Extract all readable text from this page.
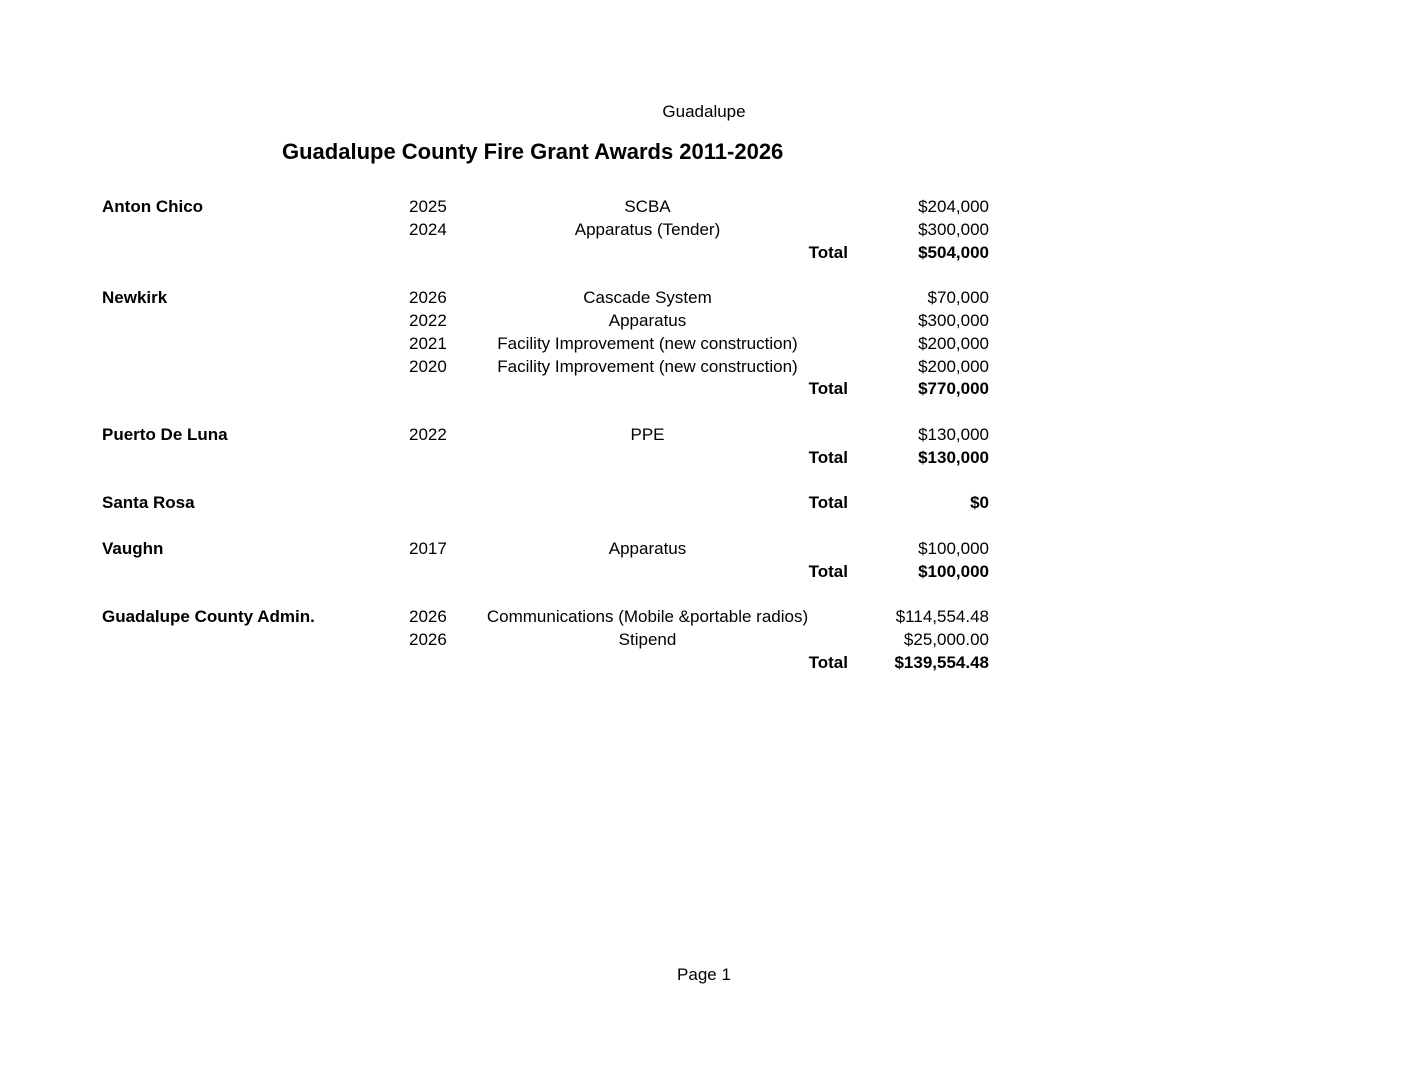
Guadalupe
Guadalupe County Fire Grant Awards 2011-2026
Anton Chico	2025	SCBA	$204,000
2024	Apparatus (Tender)	$300,000
Total	$504,000
Newkirk	2026	Cascade System	$70,000
2022	Apparatus	$300,000
2021	Facility Improvement (new construction)	$200,000
2020	Facility Improvement (new construction)	$200,000
Total	$770,000
Puerto De Luna	2022	PPE	$130,000
Total	$130,000
Santa Rosa	Total	$0
Vaughn	2017	Apparatus	$100,000
Total	$100,000
Guadalupe County Admin.	2026	Communications (Mobile &portable radios)	$114,554.48
2026	Stipend	$25,000.00
Total	$139,554.48
Page 1
